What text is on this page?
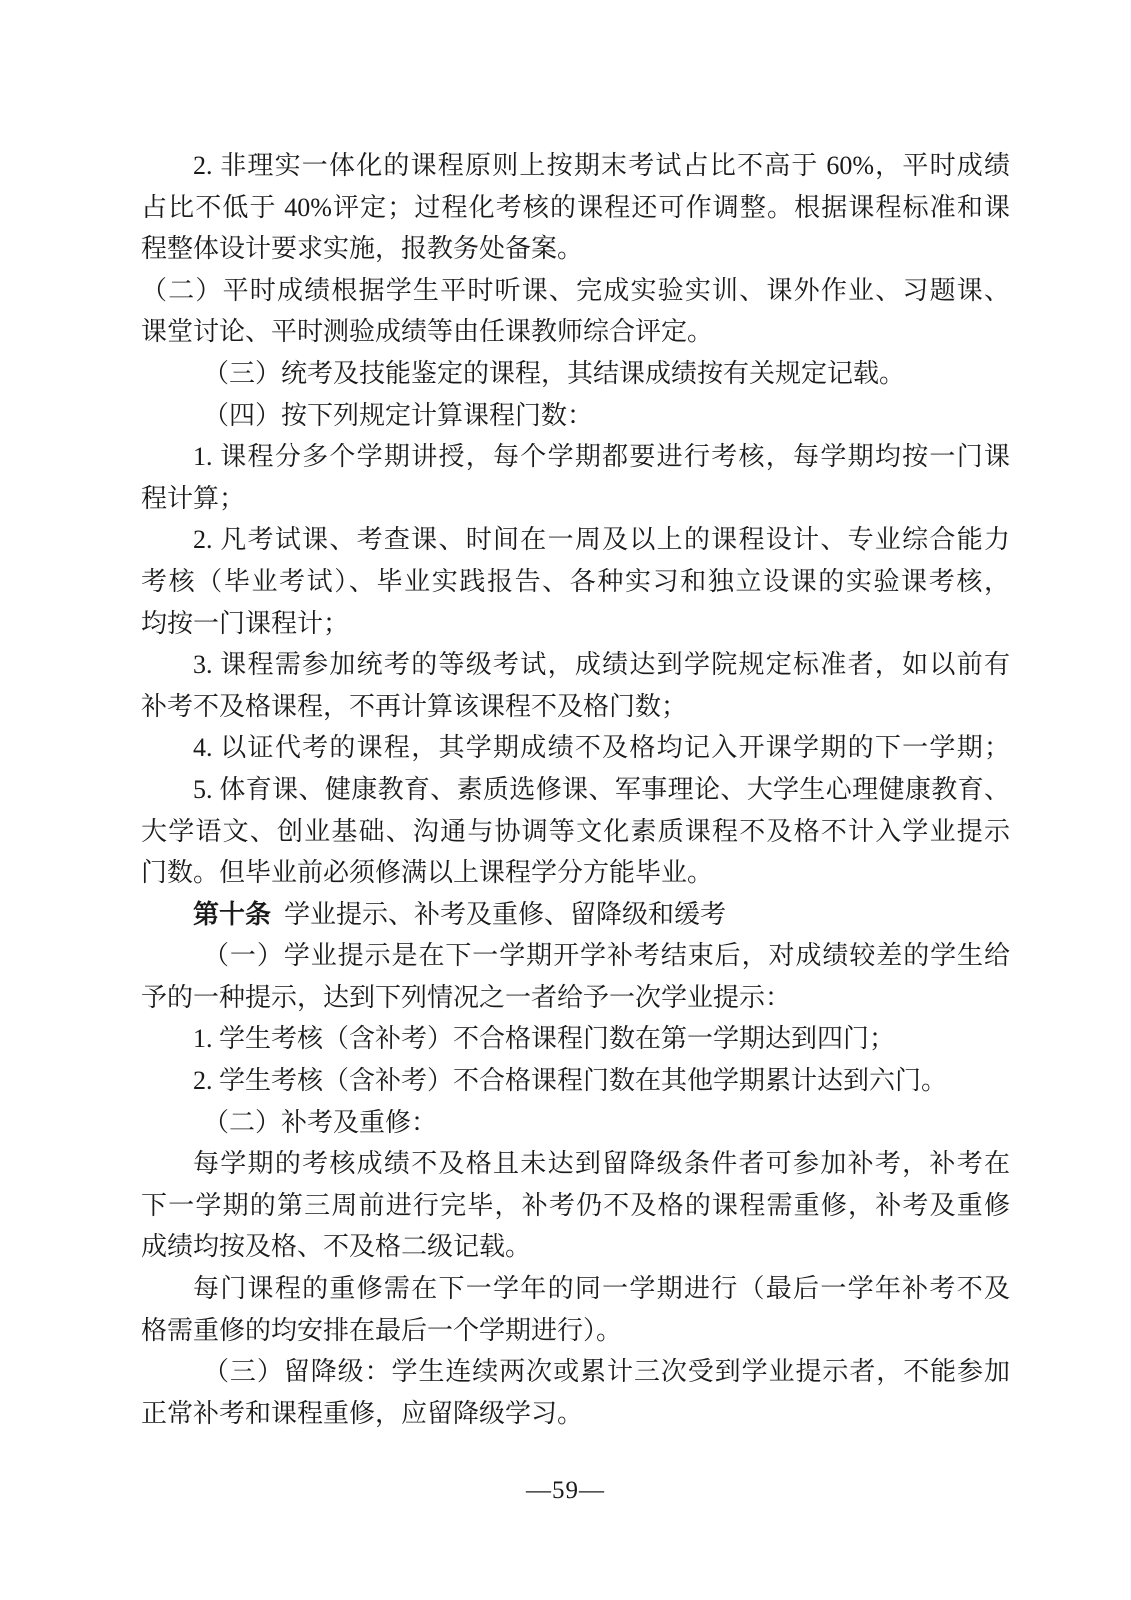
2. 非理实一体化的课程原则上按期末考试占比不高于 60%，平时成绩
占比不低于 40%评定；过程化考核的课程还可作调整。根据课程标准和课
程整体设计要求实施，报教务处备案。
（二）平时成绩根据学生平时听课、完成实验实训、课外作业、习题课、
课堂讨论、平时测验成绩等由任课教师综合评定。
（三）统考及技能鉴定的课程，其结课成绩按有关规定记载。
（四）按下列规定计算课程门数：
1. 课程分多个学期讲授，每个学期都要进行考核，每学期均按一门课
程计算；
2. 凡考试课、考查课、时间在一周及以上的课程设计、专业综合能力
考核（毕业考试）、毕业实践报告、各种实习和独立设课的实验课考核，
均按一门课程计；
3. 课程需参加统考的等级考试，成绩达到学院规定标准者，如以前有
补考不及格课程，不再计算该课程不及格门数；
4. 以证代考的课程，其学期成绩不及格均记入开课学期的下一学期；
5. 体育课、健康教育、素质选修课、军事理论、大学生心理健康教育、
大学语文、创业基础、沟通与协调等文化素质课程不及格不计入学业提示
门数。但毕业前必须修满以上课程学分方能毕业。
第十条 学业提示、补考及重修、留降级和缓考
（一）学业提示是在下一学期开学补考结束后，对成绩较差的学生给
予的一种提示，达到下列情况之一者给予一次学业提示：
1. 学生考核（含补考）不合格课程门数在第一学期达到四门；
2. 学生考核（含补考）不合格课程门数在其他学期累计达到六门。
（二）补考及重修：
每学期的考核成绩不及格且未达到留降级条件者可参加补考，补考在
下一学期的第三周前进行完毕，补考仍不及格的课程需重修，补考及重修
成绩均按及格、不及格二级记载。
每门课程的重修需在下一学年的同一学期进行（最后一学年补考不及
格需重修的均安排在最后一个学期进行）。
（三）留降级：学生连续两次或累计三次受到学业提示者，不能参加
正常补考和课程重修，应留降级学习。
—59—
